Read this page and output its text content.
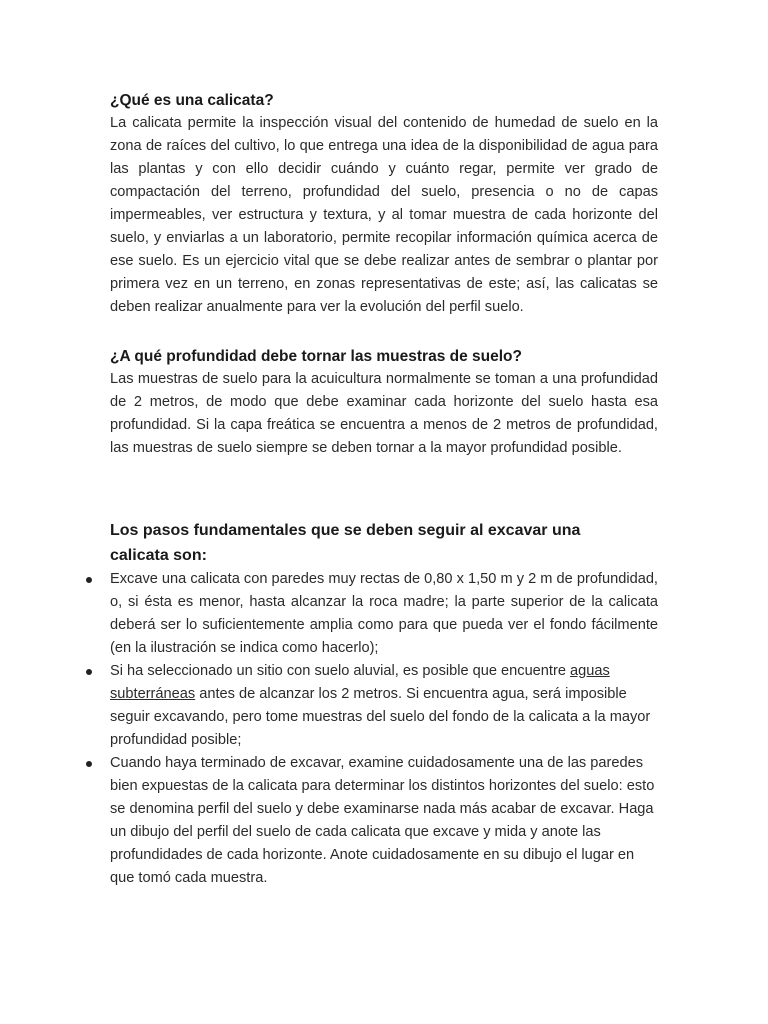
¿Qué es una calicata?

La calicata permite la inspección visual del contenido de humedad de suelo en la zona de raíces del cultivo, lo que entrega una idea de la disponibilidad de agua para las plantas y con ello decidir cuándo y cuánto regar, permite ver grado de compactación del terreno, profundidad del suelo, presencia o no de capas impermeables, ver estructura y textura, y al tomar muestra de cada horizonte del suelo, y enviarlas a un laboratorio, permite recopilar información química acerca de ese suelo. Es un ejercicio vital que se debe realizar antes de sembrar o plantar por primera vez en un terreno, en zonas representativas de este; así, las calicatas se deben realizar anualmente para ver la evolución del perfil suelo.

¿A qué profundidad debe tornar las muestras de suelo?

Las muestras de suelo para la acuicultura normalmente se toman a una profundidad de 2 metros, de modo que debe examinar cada horizonte del suelo hasta esa profundidad. Si la capa freática se encuentra a menos de 2 metros de profundidad, las muestras de suelo siempre se deben tornar a la mayor profundidad posible.

Los pasos fundamentales que se deben seguir al excavar una calicata son:

Excave una calicata con paredes muy rectas de 0,80 x 1,50 m y 2 m de profundidad, o, si ésta es menor, hasta alcanzar la roca madre; la parte superior de la calicata deberá ser lo suficientemente amplia como para que pueda ver el fondo fácilmente (en la ilustración se indica como hacerlo);

Si ha seleccionado un sitio con suelo aluvial, es posible que encuentre aguas subterráneas antes de alcanzar los 2 metros. Si encuentra agua, será imposible seguir excavando, pero tome muestras del suelo del fondo de la calicata a la mayor profundidad posible;

Cuando haya terminado de excavar, examine cuidadosamente una de las paredes bien expuestas de la calicata para determinar los distintos horizontes del suelo: esto se denomina perfil del suelo y debe examinarse nada más acabar de excavar. Haga un dibujo del perfil del suelo de cada calicata que excave y mida y anote las profundidades de cada horizonte. Anote cuidadosamente en su dibujo el lugar en que tomó cada muestra.
